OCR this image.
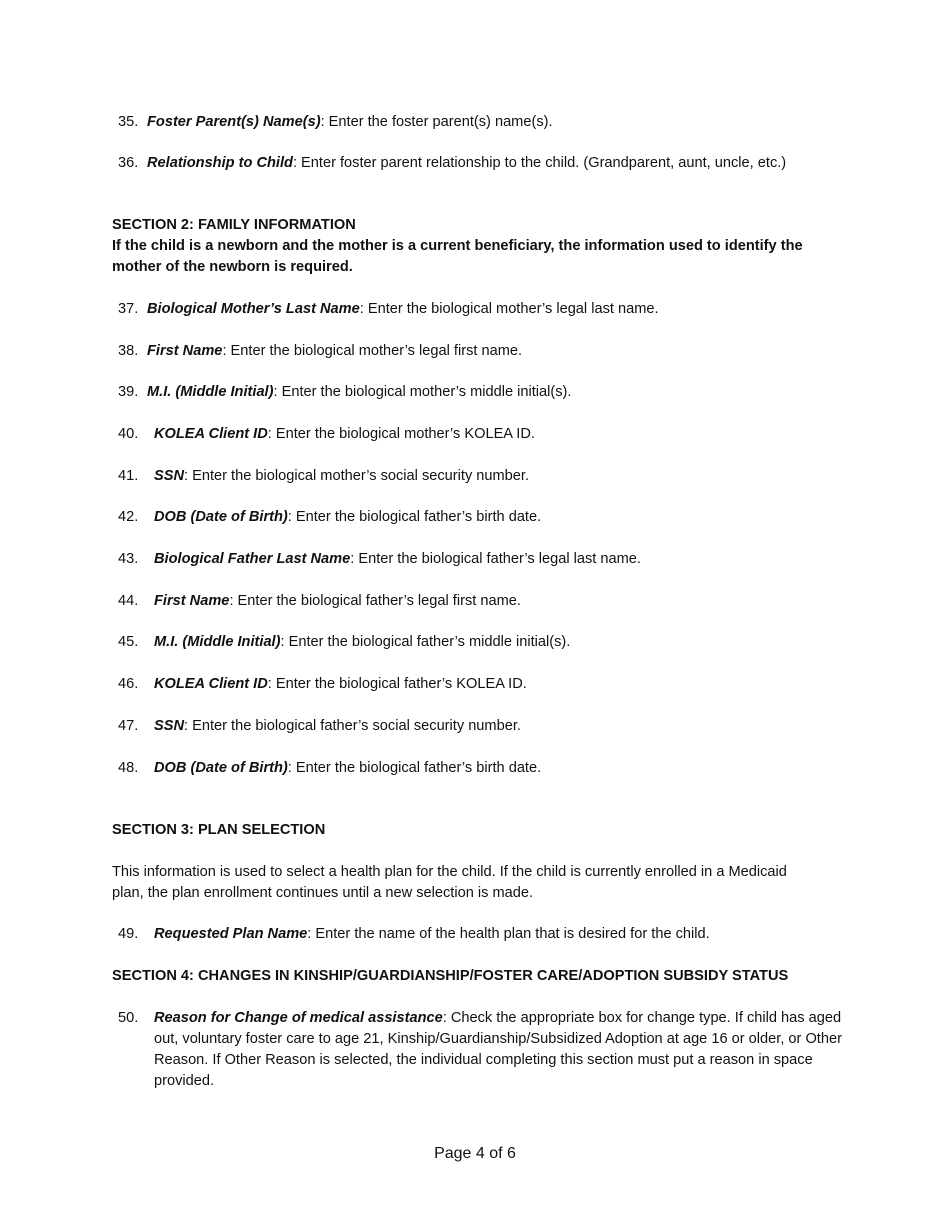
35. Foster Parent(s) Name(s): Enter the foster parent(s) name(s).
36. Relationship to Child: Enter foster parent relationship to the child. (Grandparent, aunt, uncle, etc.)
SECTION 2: FAMILY INFORMATION
If the child is a newborn and the mother is a current beneficiary, the information used to identify the mother of the newborn is required.
37. Biological Mother’s Last Name: Enter the biological mother’s legal last name.
38. First Name: Enter the biological mother’s legal first name.
39. M.I. (Middle Initial): Enter the biological mother’s middle initial(s).
40. KOLEA Client ID: Enter the biological mother’s KOLEA ID.
41. SSN: Enter the biological mother’s social security number.
42. DOB (Date of Birth): Enter the biological father’s birth date.
43. Biological Father Last Name: Enter the biological father’s legal last name.
44. First Name: Enter the biological father’s legal first name.
45. M.I. (Middle Initial): Enter the biological father’s middle initial(s).
46. KOLEA Client ID: Enter the biological father’s KOLEA ID.
47. SSN: Enter the biological father’s social security number.
48. DOB (Date of Birth): Enter the biological father’s birth date.
SECTION 3: PLAN SELECTION
This information is used to select a health plan for the child. If the child is currently enrolled in a Medicaid plan, the plan enrollment continues until a new selection is made.
49. Requested Plan Name: Enter the name of the health plan that is desired for the child.
SECTION 4: CHANGES IN KINSHIP/GUARDIANSHIP/FOSTER CARE/ADOPTION SUBSIDY STATUS
50. Reason for Change of medical assistance: Check the appropriate box for change type. If child has aged out, voluntary foster care to age 21, Kinship/Guardianship/Subsidized Adoption at age 16 or older, or Other Reason. If Other Reason is selected, the individual completing this section must put a reason in space provided.
Page 4 of 6
